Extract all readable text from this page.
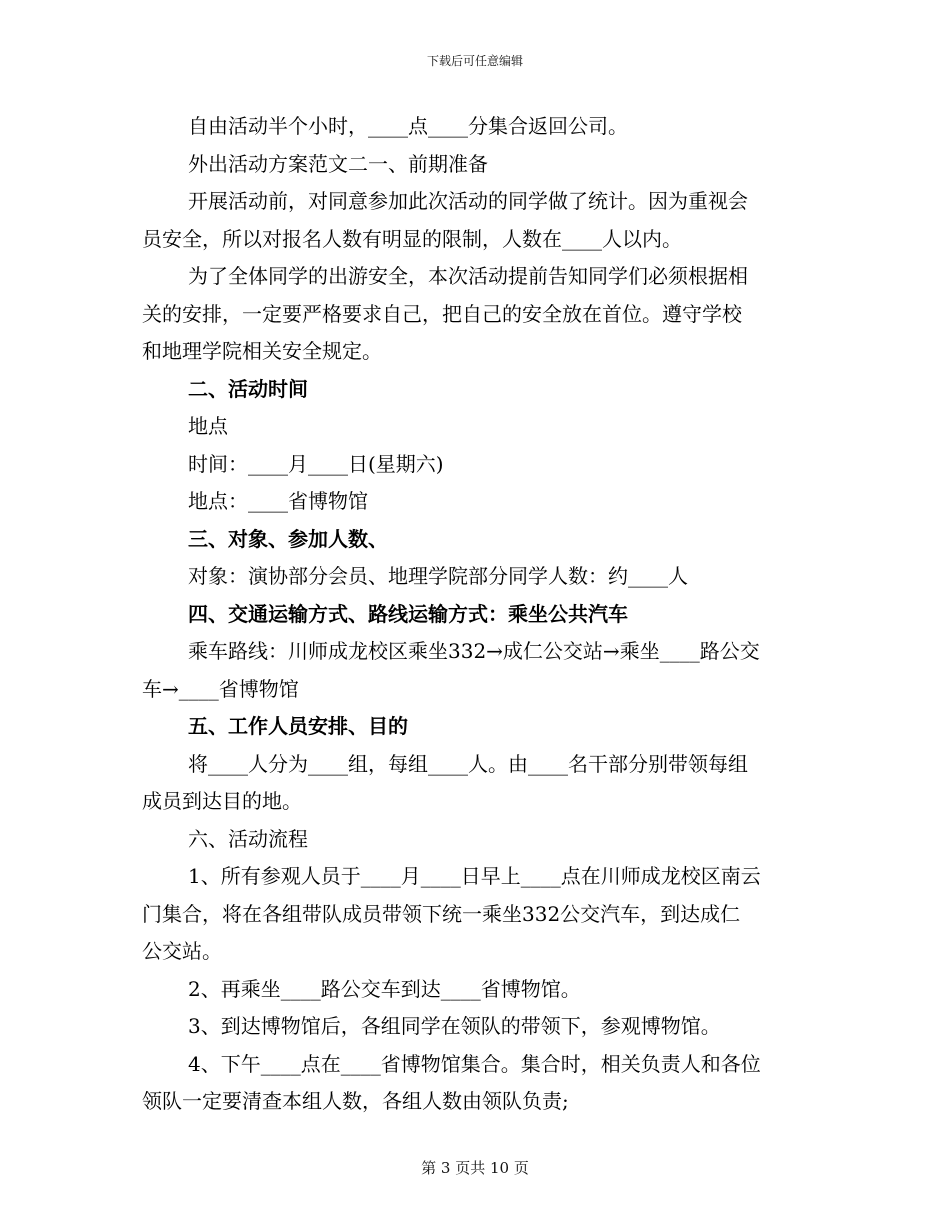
下载后可任意编辑

自由活动半个小时，____点____分集合返回公司。

外出活动方案范文二一、前期准备

开展活动前，对同意参加此次活动的同学做了统计。因为重视会

员安全，所以对报名人数有明显的限制，人数在____人以内。

为了全体同学的出游安全，本次活动提前告知同学们必须根据相

关的安排，一定要严格要求自己，把自己的安全放在首位。遵守学校

和地理学院相关安全规定。

二、活动时间

地点

时间：____月____日(星期六)

地点：____省博物馆

三、对象、参加人数、

对象：演协部分会员、地理学院部分同学人数：约____人

四、交通运输方式、路线运输方式：乘坐公共汽车

乘车路线：川师成龙校区乘坐332→成仁公交站→乘坐____路公交

车→____省博物馆

五、工作人员安排、目的

将____人分为____组，每组____人。由____名干部分别带领每组

成员到达目的地。

六、活动流程

1、所有参观人员于____月____日早上____点在川师成龙校区南云

门集合，将在各组带队成员带领下统一乘坐332公交汽车，到达成仁

公交站。

2、再乘坐____路公交车到达____省博物馆。

3、到达博物馆后，各组同学在领队的带领下，参观博物馆。

4、下午____点在____省博物馆集合。集合时，相关负责人和各位

领队一定要清查本组人数，各组人数由领队负责;

第 3 页共 10 页
